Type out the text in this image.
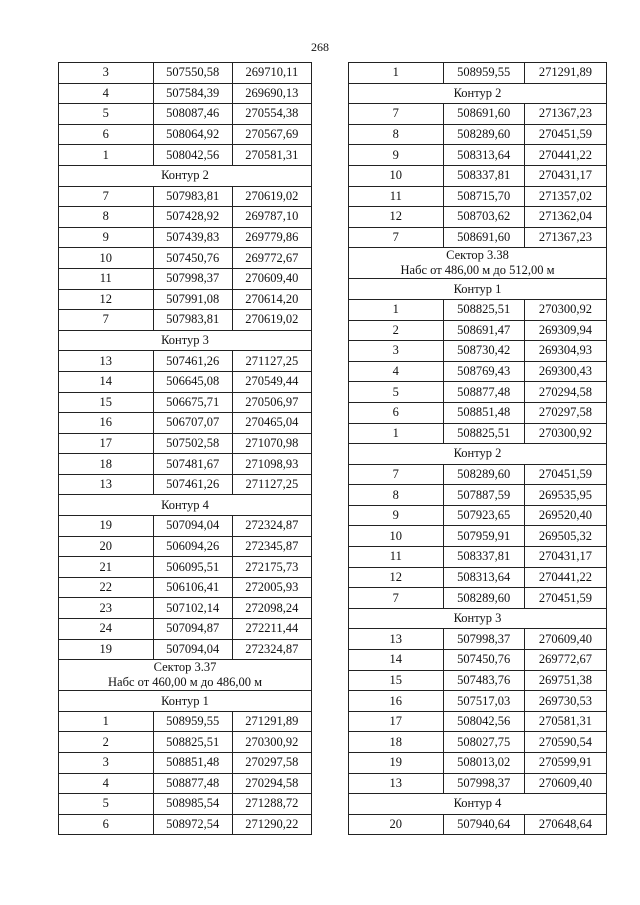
268
3	507550,58	269710,11
4	507584,39	269690,13
5	508087,46	270554,38
6	508064,92	270567,69
1	508042,56	270581,31

Контур 2		

7	507983,81	270619,02
8	507428,92	269787,10
9	507439,83	269779,86
10	507450,76	269772,67
11	507998,37	270609,40
12	507991,08	270614,20
7	507983,81	270619,02

Контур 3		

13	507461,26	271127,25
14	506645,08	270549,44
15	506675,71	270506,97
16	506707,07	270465,04
17	507502,58	271070,98
18	507481,67	271098,93
13	507461,26	271127,25

Контур 4		

19	507094,04	272324,87
20	506094,26	272345,87
21	506095,51	272175,73
22	506106,41	272005,93
23	507102,14	272098,24
24	507094,87	272211,44
19	507094,04	272324,87

Сектор 3.37
Набс от 460,00 м до 486,00 м		

Контур 1		

1	508959,55	271291,89
2	508825,51	270300,92
3	508851,48	270297,58
4	508877,48	270294,58
5	508985,54	271288,72
6	508972,54	271290,22
1	508959,55	271291,89

Контур 2		

7	508691,60	271367,23
8	508289,60	270451,59
9	508313,64	270441,22
10	508337,81	270431,17
11	508715,70	271357,02
12	508703,62	271362,04
7	508691,60	271367,23

Сектор 3.38
Набс от 486,00 м до 512,00 м		

Контур 1		

1	508825,51	270300,92
2	508691,47	269309,94
3	508730,42	269304,93
4	508769,43	269300,43
5	508877,48	270294,58
6	508851,48	270297,58
1	508825,51	270300,92

Контур 2		

7	508289,60	270451,59
8	507887,59	269535,95
9	507923,65	269520,40
10	507959,91	269505,32
11	508337,81	270431,17
12	508313,64	270441,22
7	508289,60	270451,59

Контур 3		

13	507998,37	270609,40
14	507450,76	269772,67
15	507483,76	269751,38
16	507517,03	269730,53
17	508042,56	270581,31
18	508027,75	270590,54
19	508013,02	270599,91
13	507998,37	270609,40

Контур 4		

20	507940,64	270648,64
